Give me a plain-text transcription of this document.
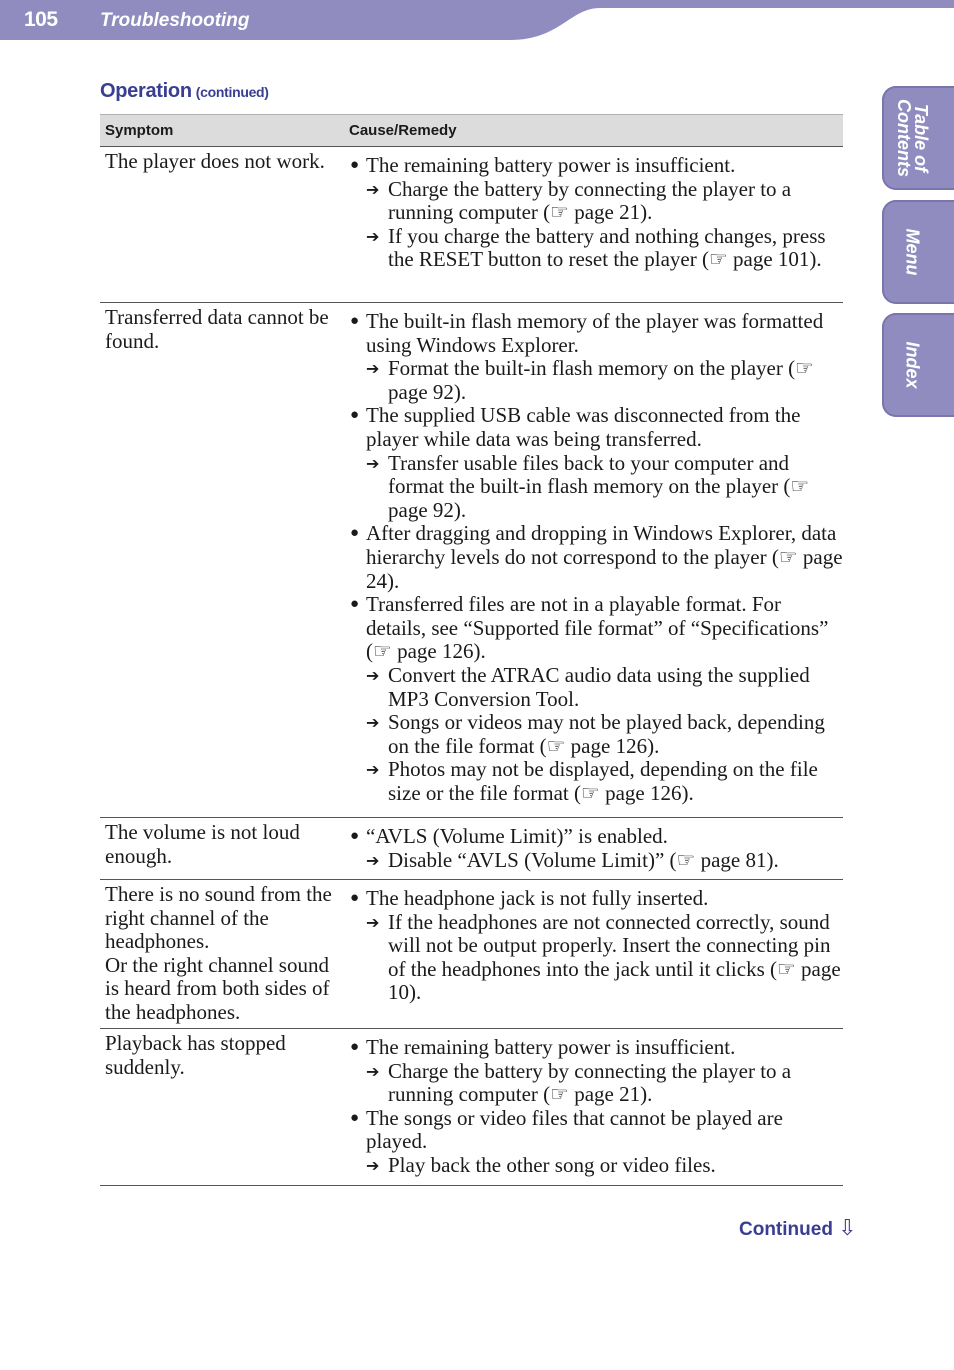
105 Troubleshooting
Operation (continued)
Table of
Contents
Menu
Index
Symptom	Cause/Remedy
The player does not work.	● The remaining battery power is insufficient.
➔ Charge the battery by connecting the player to a running computer (☞ page 21).
➔ If you charge the battery and nothing changes, press the RESET button to reset the player (☞ page 101).
Transferred data cannot be found.
● The built-in flash memory of the player was formatted using Windows Explorer.
➔ Format the built-in flash memory on the player (☞ page 92).
● The supplied USB cable was disconnected from the player while data was being transferred.
➔ Transfer usable files back to your computer and format the built-in flash memory on the player (☞ page 92).
● After dragging and dropping in Windows Explorer, data hierarchy levels do not correspond to the player (☞ page 24).
● Transferred files are not in a playable format. For details, see “Supported file format” of “Specifications” (☞ page 126).
➔ Convert the ATRAC audio data using the supplied MP3 Conversion Tool.
➔ Songs or videos may not be played back, depending on the file format (☞ page 126).
➔ Photos may not be displayed, depending on the file size or the file format (☞ page 126).
The volume is not loud enough.
● “AVLS (Volume Limit)” is enabled.
➔ Disable “AVLS (Volume Limit)” (☞ page 81).
There is no sound from the right channel of the headphones.
Or the right channel sound is heard from both sides of the headphones.
● The headphone jack is not fully inserted.
➔ If the headphones are not connected correctly, sound will not be output properly. Insert the connecting pin of the headphones into the jack until it clicks (☞ page 10).
Playback has stopped suddenly.
● The remaining battery power is insufficient.
➔ Charge the battery by connecting the player to a running computer (☞ page 21).
● The songs or video files that cannot be played are played.
➔ Play back the other song or video files.
Continued ⇩
